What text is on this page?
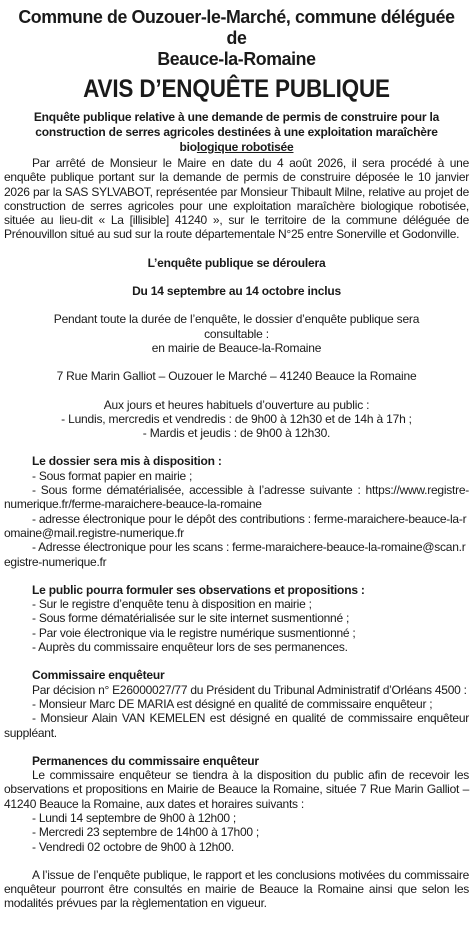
Commune de Ouzouer-le-Marché, commune déléguée de
Beauce-la-Romaine
AVIS D’ENQUÊTE PUBLIQUE
Enquête publique relative à une demande de permis de construire pour la
construction de serres agricoles destinées à une exploitation maraîchère
biologique robotisée

Par arrêté de Monsieur le Maire en date du 4 août 2026, il sera procédé à une enquête publique portant sur la demande de permis de construire déposée le 10 janvier 2026 par la SAS SYLVABOT, représentée par Monsieur Thibault Milne, relative au projet de construction de serres agricoles pour une exploitation maraîchère biologique robotisée, située au lieu-dit « La [illisible] 41240 », sur le territoire de la commune déléguée de Prénouvillon situé au sud sur la route départementale N°25 entre Sonerville et Godonville.

L’enquête publique se déroulera

Du 14 septembre au 14 octobre inclus

Pendant toute la durée de l’enquête, le dossier d’enquête publique sera

consultable :

en mairie de Beauce-la-Romaine

7 Rue Marin Galliot – Ouzouer le Marché – 41240 Beauce la Romaine

Aux jours et heures habituels d’ouverture au public :

- Lundis, mercredis et vendredis : de 9h00 à 12h30 et de 14h à 17h ;

- Mardis et jeudis : de 9h00 à 12h30.

Le dossier sera mis à disposition :

- Sous format papier en mairie ;

- Sous forme dématérialisée, accessible à l’adresse suivante : https://www.registre-numerique.fr/ferme-maraichere-beauce-la-romaine

- adresse électronique pour le dépôt des contributions : ferme-maraichere-beauce-la-romaine@mail.registre-numerique.fr

- Adresse électronique pour les scans : ferme-maraichere-beauce-la-romaine@scan.registre-numerique.fr

Le public pourra formuler ses observations et propositions :

- Sur le registre d’enquête tenu à disposition en mairie ;

- Sous forme dématérialisée sur le site internet susmentionné ;

- Par voie électronique via le registre numérique susmentionné ;

- Auprès du commissaire enquêteur lors de ses permanences.

Commissaire enquêteur

Par décision n° E26000027/77 du Président du Tribunal Administratif d’Orléans 4500 :

- Monsieur Marc DE MARIA est désigné en qualité de commissaire enquêteur ;

- Monsieur Alain VAN KEMELEN est désigné en qualité de commissaire enquêteur suppléant.

Permanences du commissaire enquêteur

Le commissaire enquêteur se tiendra à la disposition du public afin de recevoir les observations et propositions en Mairie de Beauce la Romaine, située 7 Rue Marin Galliot – 41240 Beauce la Romaine, aux dates et horaires suivants :

- Lundi 14 septembre de 9h00 à 12h00 ;

- Mercredi 23 septembre de 14h00 à 17h00 ;

- Vendredi 02 octobre de 9h00 à 12h00.

A l’issue de l’enquête publique, le rapport et les conclusions motivées du commissaire enquêteur pourront être consultés en mairie de Beauce la Romaine ainsi que selon les modalités prévues par la règlementation en vigueur.
